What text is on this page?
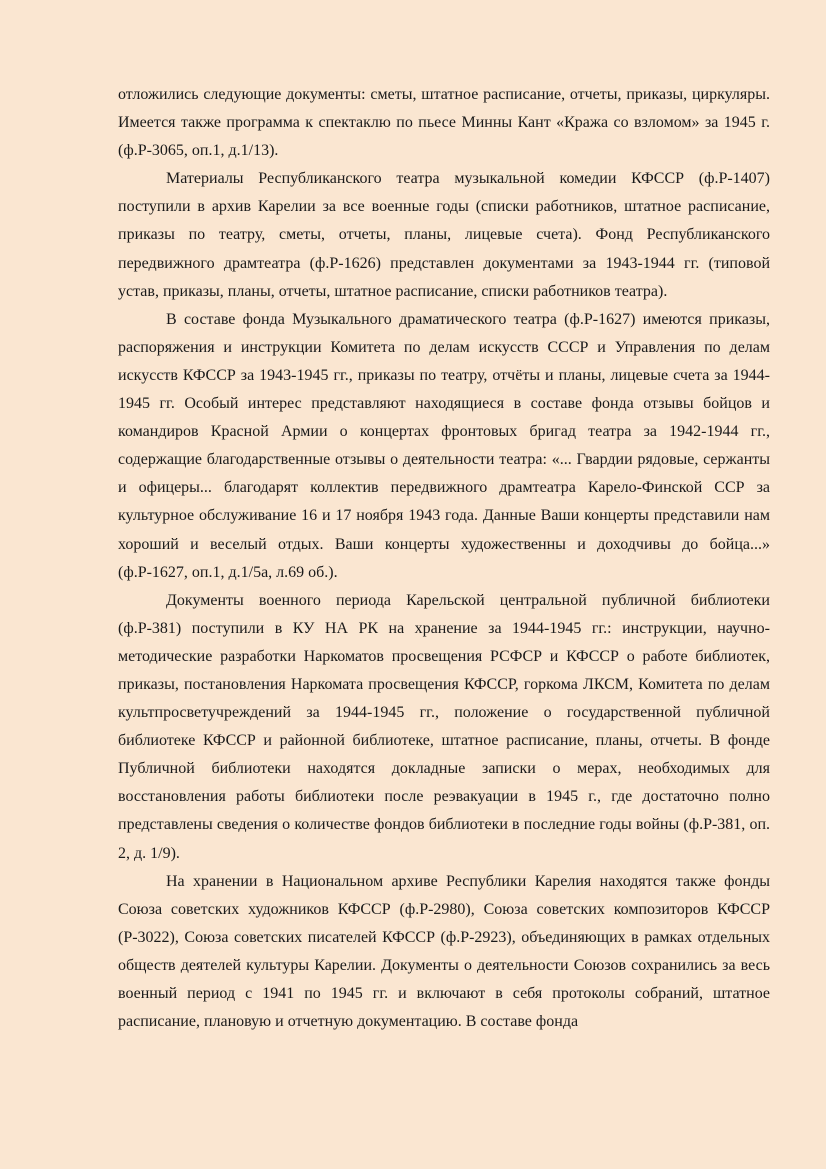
отложились следующие документы: сметы, штатное расписание, отчеты, приказы, циркуляры. Имеется также программа к спектаклю по пьесе Минны Кант «Кража со взломом» за 1945 г. (ф.Р-3065, оп.1, д.1/13).

Материалы Республиканского театра музыкальной комедии КФССР (ф.Р-1407) поступили в архив Карелии за все военные годы (списки работников, штатное расписание, приказы по театру, сметы, отчеты, планы, лицевые счета). Фонд Республиканского передвижного драмтеатра (ф.Р-1626) представлен документами за 1943-1944 гг. (типовой устав, приказы, планы, отчеты, штатное расписание, списки работников театра).

В составе фонда Музыкального драматического театра (ф.Р-1627) имеются приказы, распоряжения и инструкции Комитета по делам искусств СССР и Управления по делам искусств КФССР за 1943-1945 гг., приказы по театру, отчёты и планы, лицевые счета за 1944-1945 гг. Особый интерес представляют находящиеся в составе фонда отзывы бойцов и командиров Красной Армии о концертах фронтовых бригад театра за 1942-1944 гг., содержащие благодарственные отзывы о деятельности театра: «... Гвардии рядовые, сержанты и офицеры... благодарят коллектив передвижного драмтеатра Карело-Финской ССР за культурное обслуживание 16 и 17 ноября 1943 года. Данные Ваши концерты представили нам хороший и веселый отдых. Ваши концерты художественны и доходчивы до бойца...» (ф.Р-1627, оп.1, д.1/5а, л.69 об.).

Документы военного периода Карельской центральной публичной библиотеки (ф.Р-381) поступили в КУ НА РК на хранение за 1944-1945 гг.: инструкции, научно-методические разработки Наркоматов просвещения РСФСР и КФССР о работе библиотек, приказы, постановления Наркомата просвещения КФССР, горкома ЛКСМ, Комитета по делам культпросветучреждений за 1944-1945 гг., положение о государственной публичной библиотеке КФССР и районной библиотеке, штатное расписание, планы, отчеты. В фонде Публичной библиотеки находятся докладные записки о мерах, необходимых для восстановления работы библиотеки после реэвакуации в 1945 г., где достаточно полно представлены сведения о количестве фондов библиотеки в последние годы войны (ф.Р-381, оп. 2, д. 1/9).

На хранении в Национальном архиве Республики Карелия находятся также фонды Союза советских художников КФССР (ф.Р-2980), Союза советских композиторов КФССР (Р-3022), Союза советских писателей КФССР (ф.Р-2923), объединяющих в рамках отдельных обществ деятелей культуры Карелии. Документы о деятельности Союзов сохранились за весь военный период с 1941 по 1945 гг. и включают в себя протоколы собраний, штатное расписание, плановую и отчетную документацию. В составе фонда
